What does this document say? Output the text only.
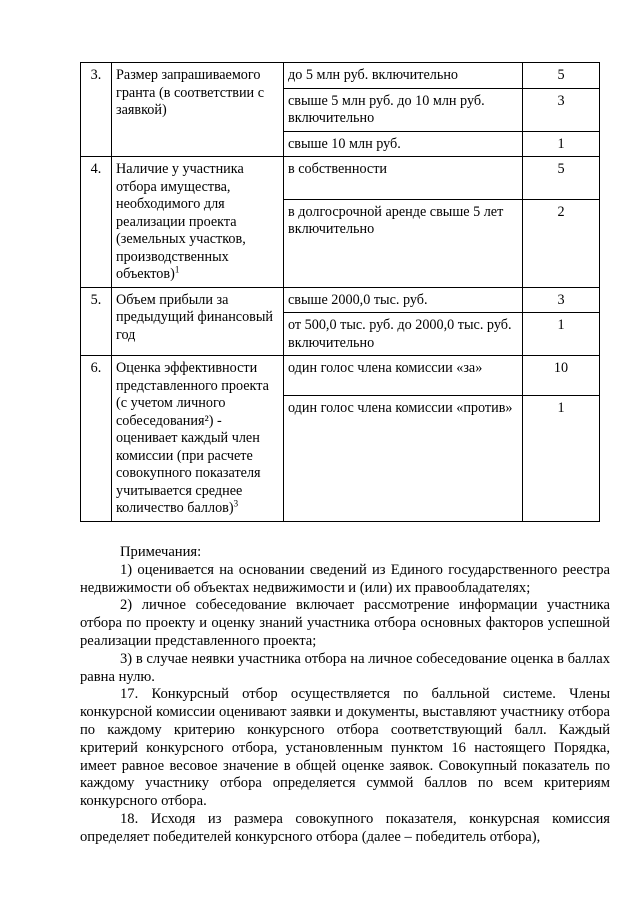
3.	Размер запрашиваемого гранта (в соответствии с заявкой)	до 5 млн руб. включительно	5
		свыше 5 млн руб. до 10 млн руб. включительно	3
		свыше 10 млн руб.	1
4.	Наличие у участника отбора имущества, необходимого для реализации проекта (земельных участков, производственных объектов)$^1$	в собственности	5
		в долгосрочной аренде свыше 5 лет включительно	2
5.	Объем прибыли за предыдущий финансовый год	свыше 2000,0 тыс. руб.	3
		от 500,0 тыс. руб. до 2000,0 тыс. руб. включительно	1
6.	Оценка эффективности представленного проекта (с учетом личного собеседования²) - оценивает каждый член комиссии (при расчете совокупного показателя учитывается среднее количество баллов)$^3$	один голос члена комиссии «за»	10
		один голос члена комиссии «против»	1

Примечания:

1) оценивается на основании сведений из Единого государственного реестра недвижимости об объектах недвижимости и (или) их правообладателях;

2) личное собеседование включает рассмотрение информации участника отбора по проекту и оценку знаний участника отбора основных факторов успешной реализации представленного проекта;

3) в случае неявки участника отбора на личное собеседование оценка в баллах равна нулю.

17. Конкурсный отбор осуществляется по балльной системе. Члены конкурсной комиссии оценивают заявки и документы, выставляют участнику отбора по каждому критерию конкурсного отбора соответствующий балл. Каждый критерий конкурсного отбора, установленным пунктом 16 настоящего Порядка, имеет равное весовое значение в общей оценке заявок. Совокупный показатель по каждому участнику отбора определяется суммой баллов по всем критериям конкурсного отбора.

18. Исходя из размера совокупного показателя, конкурсная комиссия определяет победителей конкурсного отбора (далее – победитель отбора),
